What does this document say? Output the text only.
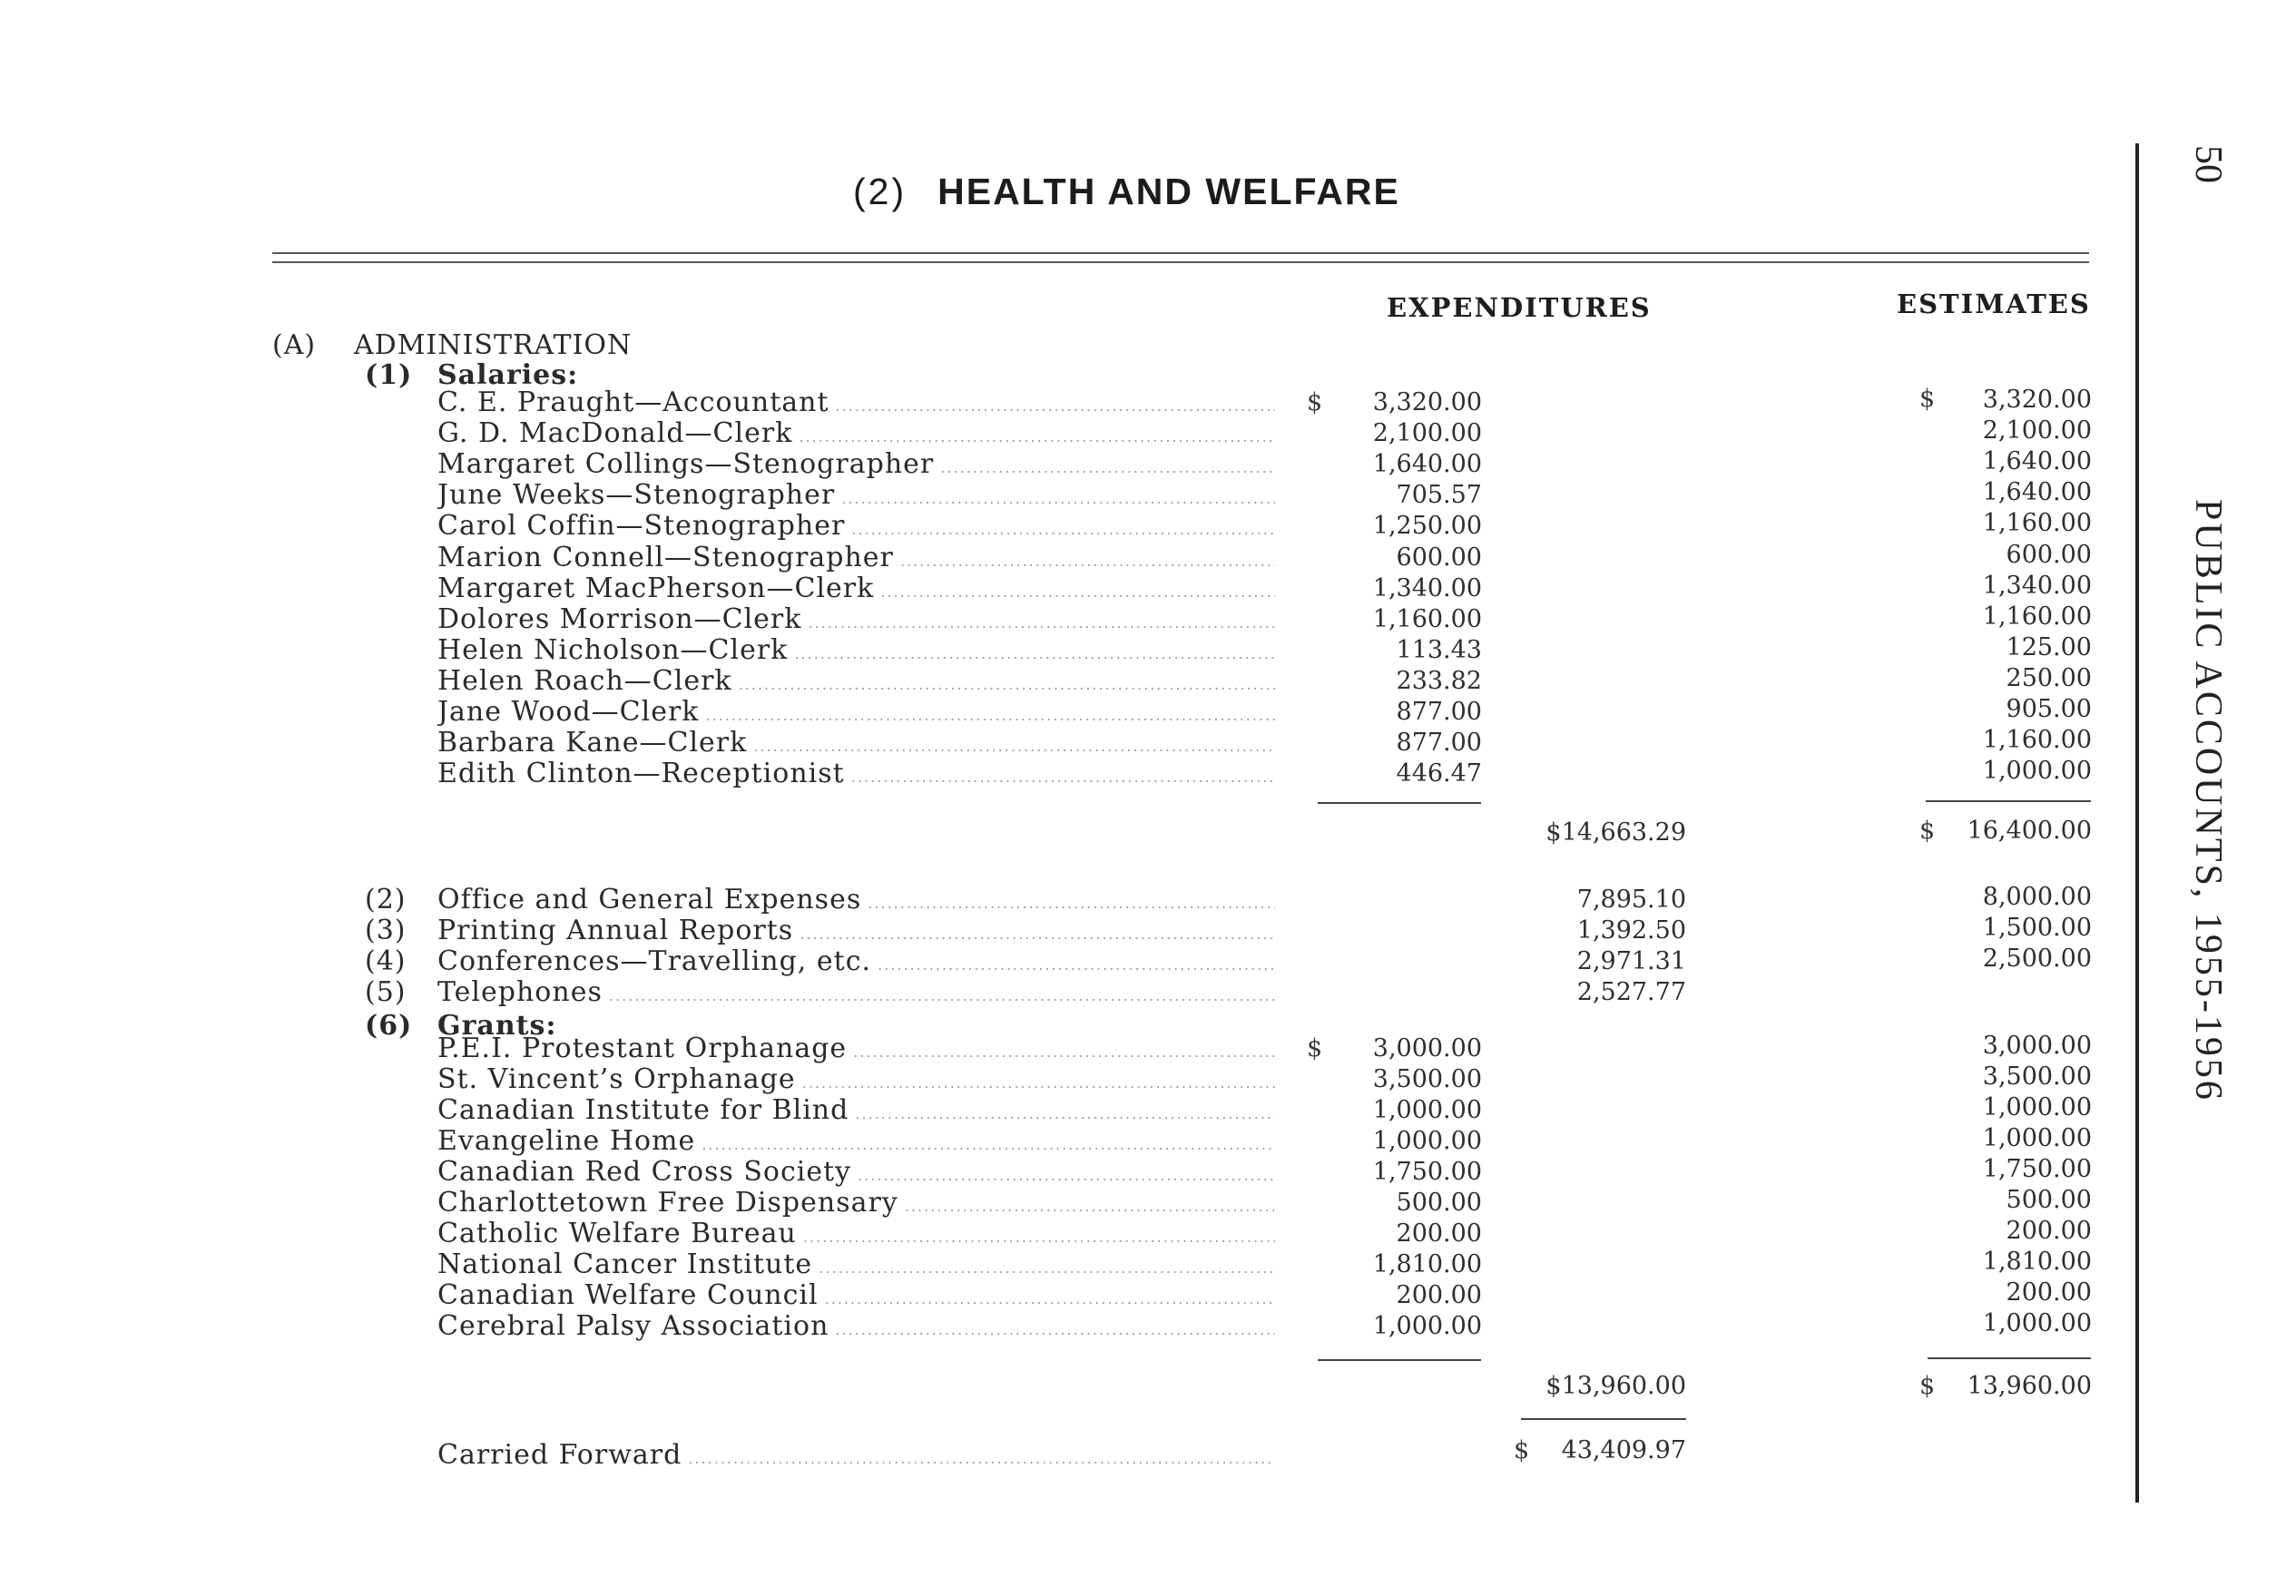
(2) HEALTH AND WELFARE
50
PUBLIC ACCOUNTS, 1955-1956
EXPENDITURES	ESTIMATES
(A) ADMINISTRATION
(1) Salaries:
C. E. Praught—Accountant .....	3,320.00	3,320.00
G. D. MacDonald—Clerk .....	2,100.00	2,100.00
Margaret Collings—Stenographer .....	1,640.00	1,640.00
June Weeks—Stenographer .....	705.57	1,640.00
Carol Coffin—Stenographer .....	1,250.00	1,160.00
Marion Connell—Stenographer .....	600.00	600.00
Margaret MacPherson—Clerk .....	1,340.00	1,340.00
Dolores Morrison—Clerk .....	1,160.00	1,160.00
Helen Nicholson—Clerk .....	113.43	125.00
Helen Roach—Clerk .....	233.82	250.00
Jane Wood—Clerk .....	877.00	905.00
Barbara Kane—Clerk .....	877.00	1,160.00
Edith Clinton—Receptionist .....	446.47	1,000.00
$	$
$14,663.29	$ 16,400.00
(2) Office and General Expenses .....	7,895.10	8,000.00
(3) Printing Annual Reports .....	1,392.50	1,500.00
(4) Conferences—Travelling, etc. .....	2,971.31	2,500.00
(5) Telephones .....	2,527.77
(6) Grants:
P.E.I. Protestant Orphanage .....	3,000.00	3,000.00
St. Vincent’s Orphanage .....	3,500.00	3,500.00
Canadian Institute for Blind .....	1,000.00	1,000.00
Evangeline Home .....	1,000.00	1,000.00
Canadian Red Cross Society .....	1,750.00	1,750.00
Charlottetown Free Dispensary .....	500.00	500.00
Catholic Welfare Bureau .....	200.00	200.00
National Cancer Institute .....	1,810.00	1,810.00
Canadian Welfare Council .....	200.00	200.00
Cerebral Palsy Association .....	1,000.00	1,000.00
$
$13,960.00	$ 13,960.00
Carried Forward .....	$ 43,409.97
